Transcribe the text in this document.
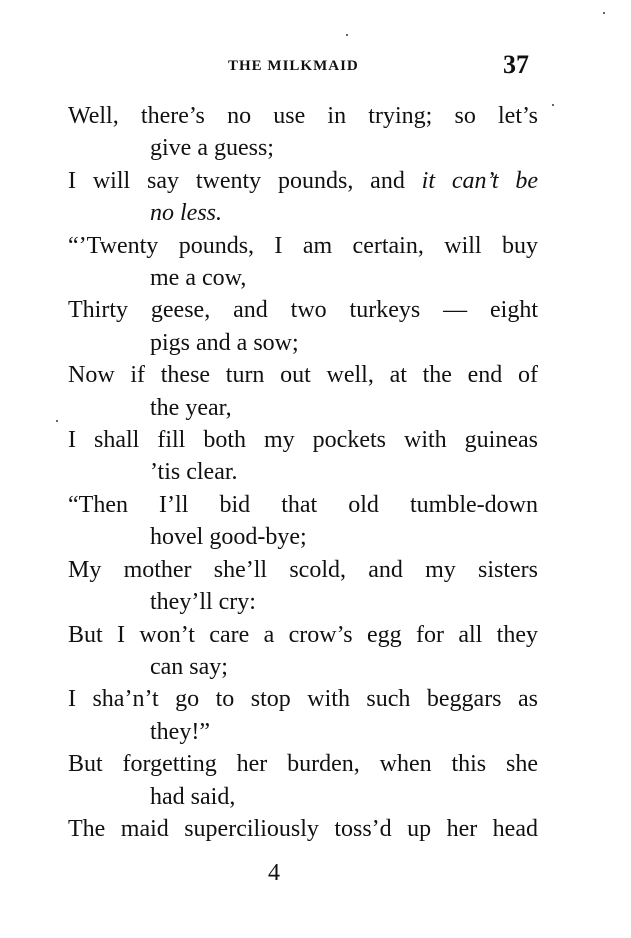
THE MILKMAID	37
Well, there’s no use in trying; so let’s
give a guess;
I will say twenty pounds, and it can’t be
no less.
“’Twenty pounds, I am certain, will buy
me a cow,
Thirty geese, and two turkeys — eight
pigs and a sow;
Now if these turn out well, at the end of
the year,
I shall fill both my pockets with guineas
’tis clear.
“Then I’ll bid that old tumble-down
hovel good-bye;
My mother she’ll scold, and my sisters
they’ll cry:
But I won’t care a crow’s egg for all they
can say;
I sha’n’t go to stop with such beggars as
they!”
But forgetting her burden, when this she
had said,
The maid superciliously toss’d up her head
4
